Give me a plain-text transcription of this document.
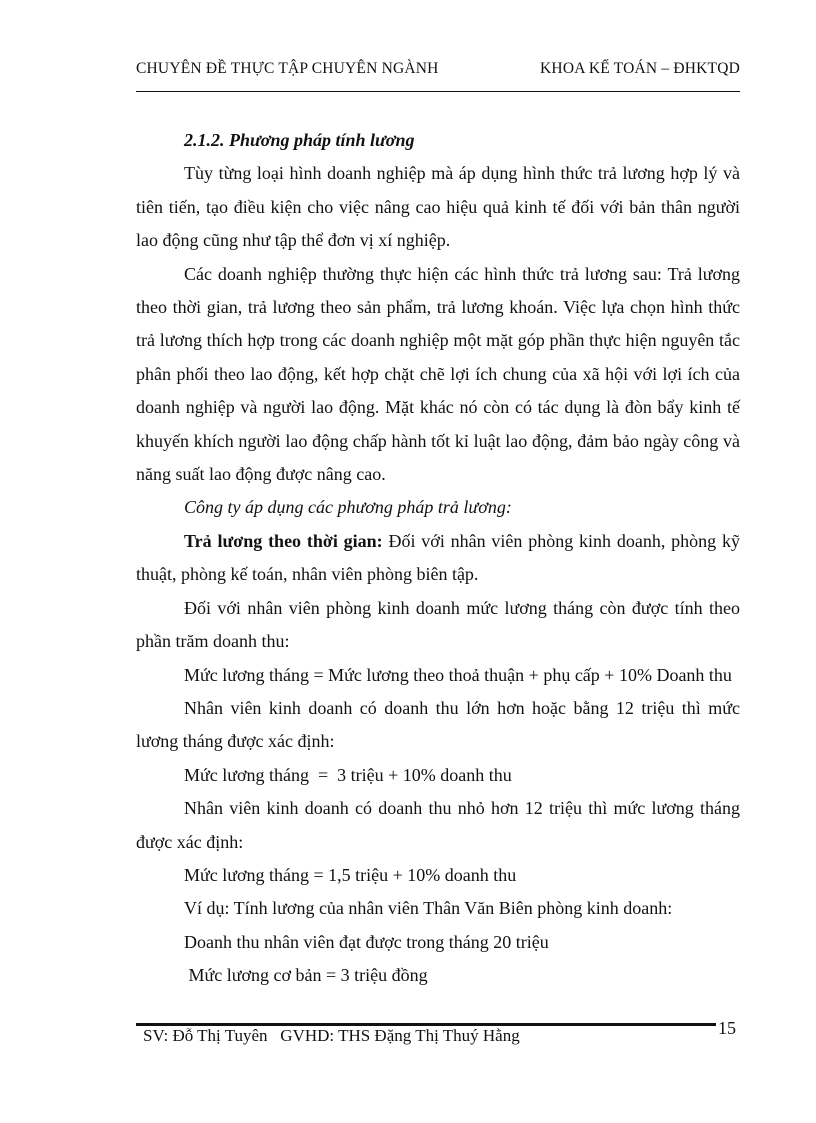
CHUYÊN ĐỀ THỰC TẬP CHUYÊN NGÀNH	KHOA KẾ TOÁN – ĐHKTQD

2.1.2. Phương pháp tính lương

Tùy từng loại hình doanh nghiệp mà áp dụng hình thức trả lương hợp lý và tiên tiến, tạo điều kiện cho việc nâng cao hiệu quả kinh tế đối với bản thân người lao động cũng như tập thể đơn vị xí nghiệp.

Các doanh nghiệp thường thực hiện các hình thức trả lương sau: Trả lương theo thời gian, trả lương theo sản phẩm, trả lương khoán. Việc lựa chọn hình thức trả lương thích hợp trong các doanh nghiệp một mặt góp phần thực hiện nguyên tắc phân phối theo lao động, kết hợp chặt chẽ lợi ích chung của xã hội với lợi ích của doanh nghiệp và người lao động. Mặt khác nó còn có tác dụng là đòn bẩy kinh tế khuyến khích người lao động chấp hành tốt kỉ luật lao động, đảm bảo ngày công và năng suất lao động được nâng cao.

Công ty áp dụng các phương pháp trả lương:

Trả lương theo thời gian: Đối với nhân viên phòng kinh doanh, phòng kỹ thuật, phòng kế toán, nhân viên phòng biên tập.

Đối với nhân viên phòng kinh doanh mức lương tháng còn được tính theo phần trăm doanh thu:

Mức lương tháng = Mức lương theo thoả thuận + phụ cấp + 10% Doanh thu

Nhân viên kinh doanh có doanh thu lớn hơn hoặc bằng 12 triệu thì mức lương tháng được xác định:

Mức lương tháng  =  3 triệu + 10% doanh thu

Nhân viên kinh doanh có doanh thu nhỏ hơn 12 triệu thì mức lương tháng được xác định:

Mức lương tháng = 1,5 triệu + 10% doanh thu

Ví dụ: Tính lương của nhân viên Thân Văn Biên phòng kinh doanh:

Doanh thu nhân viên đạt được trong tháng 20 triệu

Mức lương cơ bản = 3 triệu đồng

SV: Đỗ Thị Tuyên   GVHD: THS Đặng Thị Thuý Hằng	15
